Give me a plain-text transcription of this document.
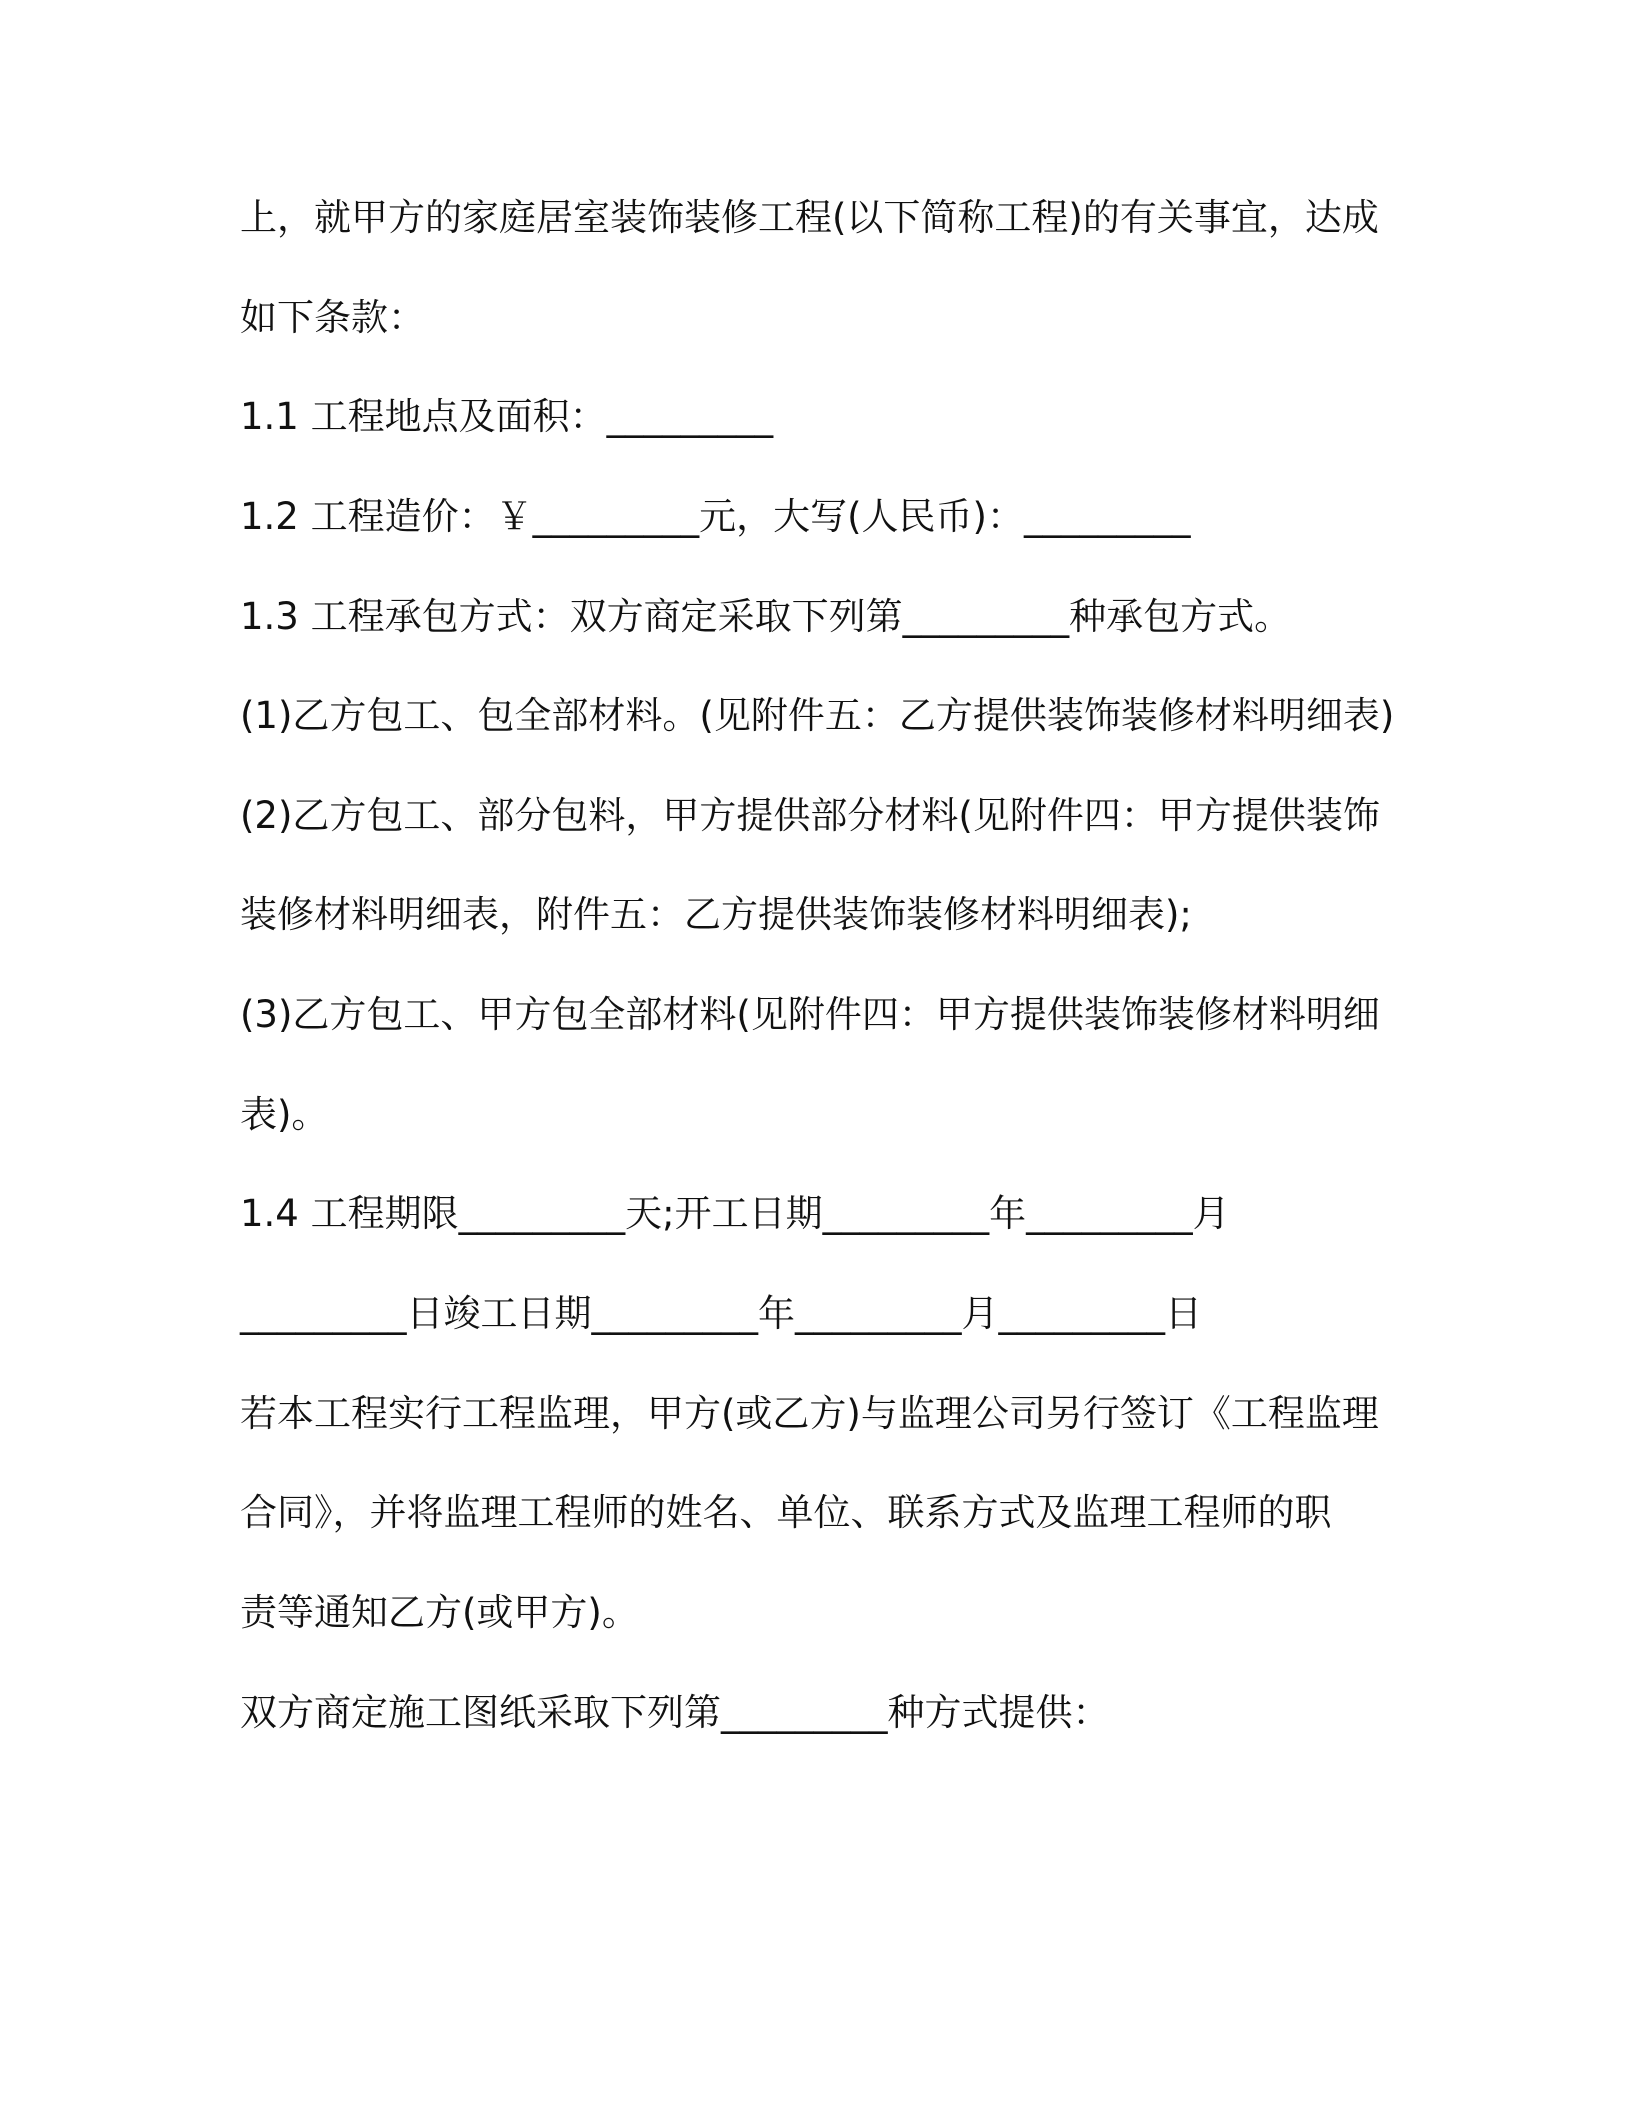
上，就甲方的家庭居室装饰装修工程(以下简称工程)的有关事宜，达成
如下条款：
1.1 工程地点及面积：_________
1.2 工程造价：￥_________元，大写(人民币)：_________
1.3 工程承包方式：双方商定采取下列第_________种承包方式。
(1)乙方包工、包全部材料。(见附件五：乙方提供装饰装修材料明细表)
(2)乙方包工、部分包料，甲方提供部分材料(见附件四：甲方提供装饰
装修材料明细表，附件五：乙方提供装饰装修材料明细表);
(3)乙方包工、甲方包全部材料(见附件四：甲方提供装饰装修材料明细
表)。
1.4 工程期限_________天;开工日期_________年_________月
_________日竣工日期_________年_________月_________日
若本工程实行工程监理，甲方(或乙方)与监理公司另行签订《工程监理
合同》，并将监理工程师的姓名、单位、联系方式及监理工程师的职
责等通知乙方(或甲方)。
双方商定施工图纸采取下列第_________种方式提供：
